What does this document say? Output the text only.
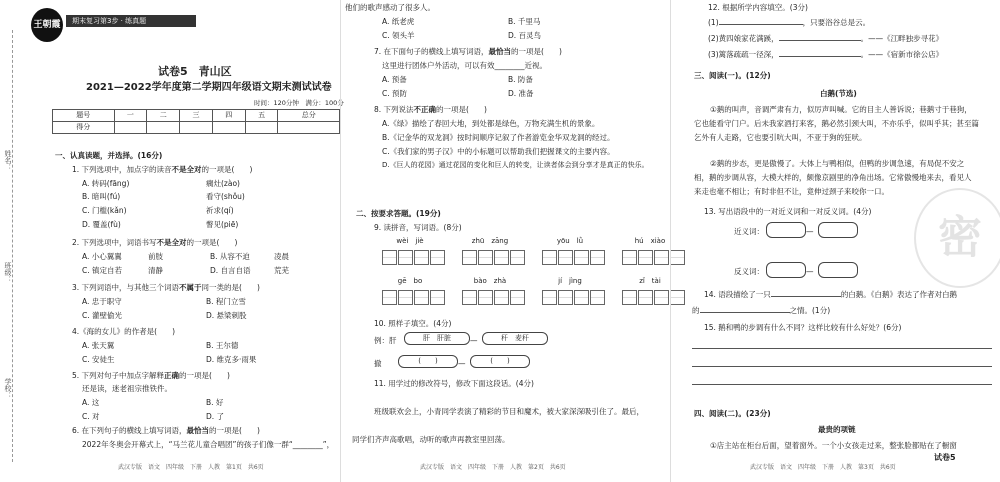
姓名：
班级：
学校：
王朝霞	期末复习第3步 · 练真题
试卷5　青山区
2021—2022学年度第二学期四年级语文期末测试试卷
时间：120分钟　满分：100分
题号	一	二	三	四	五	总分
得分						
一、认真读题，并选择。(16分)
1. 下列选项中，加点字的读音不是全对的一项是(　　)
A. 转码(fāng)	瘸灶(zào)
B. 暗叫(fú)	看守(shǒu)
C. 门槛(kǎn)	祈求(qí)
D. 覆盖(fù)	瞥见(piē)
2. 下列选项中，词语书写不是全对的一项是(　　)
A. 小心翼翼	前肢	B. 从容不迫	凌晨
C. 镇定自若	清静	D. 自言自语	荒芜
3. 下列词语中，与其他三个词语不属于同一类的是(　　)
A. 忠于职守	B. 程门立雪
C. 灌壁偷光	D. 悬梁刺股
4.《海的女儿》的作者是(　　)
A. 张天翼	B. 王尔德
C. 安徒生	D. 维克多·雨果
5. 下列对句子中加点字解释正确的一项是(　　)
还是读，迷老祖宗推铁件。
A. 这	B. 好
C. 对	D. 了
6. 在下列句子的横线上填写词语，最恰当的一项是(　　)
2022年冬奥会开幕式上，“马兰花儿童合唱团”的孩子们像一群“________”，
武汉专版　语文　四年级　下册　人教　第1页　共6页
他们的歌声感动了很多人。
A. 纸老虎	B. 千里马
C. 领头羊	D. 百灵鸟
7. 在下面句子的横线上填写词语，最恰当的一项是(　　)
这里进行团体户外活动，可以有效________近视。
A. 预备	B. 防备
C. 预防	D. 准备
8. 下列说法不正确的一项是(　　)
A.《绿》描绘了春回大地，到处都是绿色，万物充满生机的景象。
B.《记金华的双龙洞》按时间顺序记叙了作者游览金华双龙洞的经过。
C.《我们家的男子汉》中的小标题可以帮助我们把握课文的主要内容。
D.《巨人的花园》通过花园的变化和巨人的转变，让读者体会到分享才是真正的快乐。
二、按要求答题。(19分)
9. 读拼音，写词语。(8分)
wèi　jiè	zhū　zāng	yōu　lǜ	hú　xiào
gē　bo	bào　zhà	jí　jìng	zǐ　tài
10. 照样子填空。(4分)
例：肝	肝　肝脏	—	秆　麦秆
撤	(　　)	—	(　　)
11. 用学过的修改符号，修改下面这段话。(4分)
班级联欢会上，小青同学表演了精彩的节目和魔术，被大家深深吸引住了。最后，
同学们齐声高歌唱，动听的歌声再教室里回荡。
武汉专版　语文　四年级　下册　人教　第2页　共6页
12. 根据所学内容填空。(3分)
(1)	，只要浴谷总是云。
(2)黄四娘家花满蹊，	。——《江畔独步寻花》
(3)篱落疏疏一径深，	。——《宿新市徐公店》
三、阅读(一)。(12分)
白鹅(节选)
①鹅的叫声，音调严肃有力，似厉声叫喊。它的目主人善诉说；巷鹅寸于巷狗，
它也能看守门户。后未我家酒打来客，鹅必然引颈大叫，不亦乐乎，似叫乎其；甚至篇
乞外有人走路，它也要引吭大叫，不亚于狗的狂吠。
②鹅的步态，更是傲慢了。大体上与鸭相似，但鸭的步调急速，有局促不安之
相，鹅的步调从容，大模大样的，颇像京剧里的净角出场。它常傲慢地来去，看见人
来走也毫不相让；有时非但不让，竟伸过颈子来咬你一口。
13. 写出语段中的一对近义词和一对反义词。(4分)
近义词：	—
反义词：	—
14. 语段描绘了一只	的白鹅。《白鹅》表达了作者对白鹅
的	之情。(1分)
15. 鹅和鸭的步调有什么不同？这样比较有什么好处？(6分)
四、阅读(二)。(23分)
最贵的项链
①店主站在柜台后面，望着窗外。一个小女孩走过来，整张脸都贴在了橱窗
武汉专版　语文　四年级　下册　人教　第3页　共6页
密
试卷5
